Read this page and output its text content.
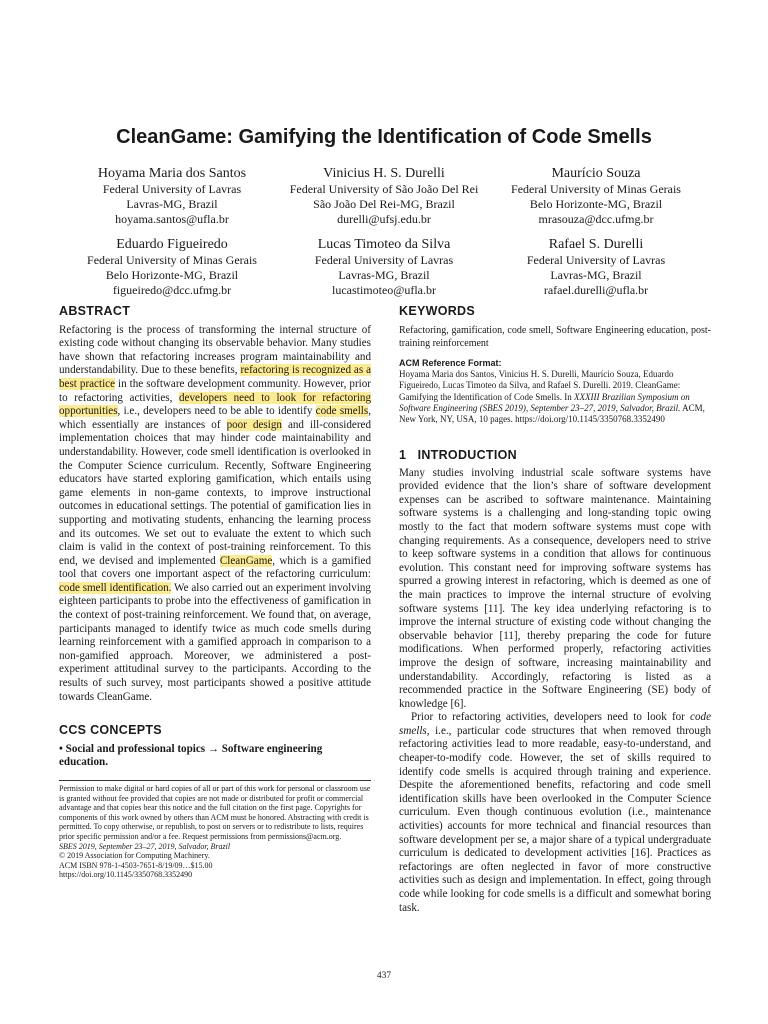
CleanGame: Gamifying the Identification of Code Smells
Hoyama Maria dos Santos
Federal University of Lavras
Lavras-MG, Brazil
hoyama.santos@ufla.br
Vinicius H. S. Durelli
Federal University of São João Del Rei
São João Del Rei-MG, Brazil
durelli@ufsj.edu.br
Maurício Souza
Federal University of Minas Gerais
Belo Horizonte-MG, Brazil
mrasouza@dcc.ufmg.br
Eduardo Figueiredo
Federal University of Minas Gerais
Belo Horizonte-MG, Brazil
figueiredo@dcc.ufmg.br
Lucas Timoteo da Silva
Federal University of Lavras
Lavras-MG, Brazil
lucastimoteo@ufla.br
Rafael S. Durelli
Federal University of Lavras
Lavras-MG, Brazil
rafael.durelli@ufla.br
ABSTRACT

Refactoring is the process of transforming the internal structure of existing code without changing its observable behavior. Many studies have shown that refactoring increases program maintainability and understandability. Due to these benefits, refactoring is recognized as a best practice in the software development community. However, prior to refactoring activities, developers need to look for refactoring opportunities, i.e., developers need to be able to identify code smells, which essentially are instances of poor design and ill-considered implementation choices that may hinder code maintainability and understandability. However, code smell identification is overlooked in the Computer Science curriculum. Recently, Software Engineering educators have started exploring gamification, which entails using game elements in non-game contexts, to improve instructional outcomes in educational settings. The potential of gamification lies in supporting and motivating students, enhancing the learning process and its outcomes. We set out to evaluate the extent to which such claim is valid in the context of post-training reinforcement. To this end, we devised and implemented CleanGame, which is a gamified tool that covers one important aspect of the refactoring curriculum: code smell identification. We also carried out an experiment involving eighteen participants to probe into the effectiveness of gamification in the context of post-training reinforcement. We found that, on average, participants managed to identify twice as much code smells during learning reinforcement with a gamified approach in comparison to a non-gamified approach. Moreover, we administered a post-experiment attitudinal survey to the participants. According to the results of such survey, most participants showed a positive attitude towards CleanGame.

CCS CONCEPTS

• Social and professional topics → Software engineering education.

Permission to make digital or hard copies of all or part of this work for personal or classroom use is granted without fee provided that copies are not made or distributed for profit or commercial advantage and that copies bear this notice and the full citation on the first page. Copyrights for components of this work owned by others than ACM must be honored. Abstracting with credit is permitted. To copy otherwise, or republish, to post on servers or to redistribute to lists, requires prior specific permission and/or a fee. Request permissions from permissions@acm.org.

SBES 2019, September 23–27, 2019, Salvador, Brazil

© 2019 Association for Computing Machinery.

ACM ISBN 978-1-4503-7651-8/19/09…$15.00

https://doi.org/10.1145/3350768.3352490

KEYWORDS

Refactoring, gamification, code smell, Software Engineering education, post-training reinforcement

ACM Reference Format:

Hoyama Maria dos Santos, Vinicius H. S. Durelli, Maurício Souza, Eduardo Figueiredo, Lucas Timoteo da Silva, and Rafael S. Durelli. 2019. CleanGame: Gamifying the Identification of Code Smells. In XXXIII Brazilian Symposium on Software Engineering (SBES 2019), September 23–27, 2019, Salvador, Brazil. ACM, New York, NY, USA, 10 pages. https://doi.org/10.1145/3350768.3352490

1   INTRODUCTION

Many studies involving industrial scale software systems have provided evidence that the lion’s share of software development expenses can be ascribed to software maintenance. Maintaining software systems is a challenging and long-standing topic owing mostly to the fact that modern software systems must cope with changing requirements. As a consequence, developers need to strive to keep software systems in a condition that allows for continuous evolution. This constant need for improving software systems has spurred a growing interest in refactoring, which is deemed as one of the main practices to improve the internal structure of evolving software systems [11]. The key idea underlying refactoring is to improve the internal structure of existing code without changing the observable behavior [11], thereby preparing the code for future modifications. When performed properly, refactoring activities improve the design of software, increasing maintainability and understandability. Accordingly, refactoring is listed as a recommended practice in the Software Engineering (SE) body of knowledge [6].

Prior to refactoring activities, developers need to look for code smells, i.e., particular code structures that when removed through refactoring activities lead to more readable, easy-to-understand, and cheaper-to-modify code. However, the set of skills required to identify code smells is acquired through training and experience. Despite the aforementioned benefits, refactoring and code smell identification skills have been overlooked in the Computer Science curriculum. Even though continuous evolution (i.e., maintenance activities) accounts for more technical and financial resources than software development per se, a major share of a typical undergraduate curriculum is dedicated to development activities [16]. Practices as refactorings are often neglected in favor of more constructive activities such as design and implementation. In effect, going through code while looking for code smells is a difficult and somewhat boring task.

437
